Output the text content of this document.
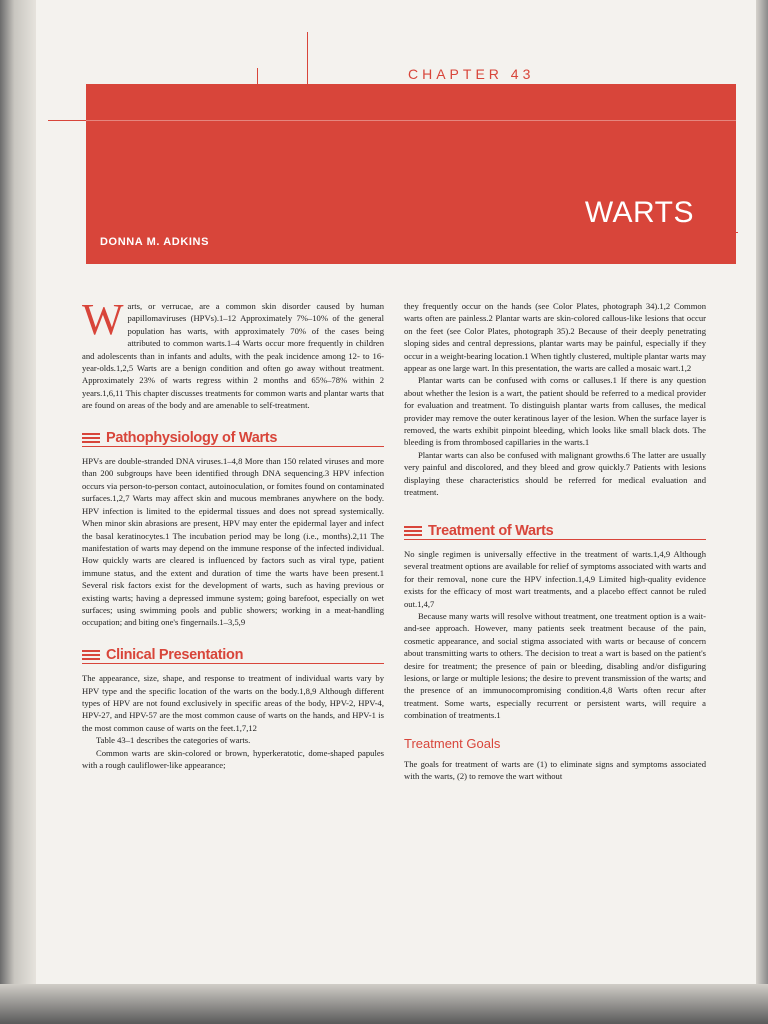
CHAPTER 43
WARTS
DONNA M. ADKINS

Warts, or verrucae, are a common skin disorder caused by human papillomaviruses (HPVs).1–12 Approximately 7%–10% of the general population has warts, with approximately 70% of the cases being attributed to common warts.1–4 Warts occur more frequently in children and adolescents than in infants and adults, with the peak incidence among 12- to 16-year-olds.1,2,5 Warts are a benign condition and often go away without treatment. Approximately 23% of warts regress within 2 months and 65%–78% within 2 years.1,6,11 This chapter discusses treatments for common warts and plantar warts that are found on areas of the body and are amenable to self-treatment.

Pathophysiology of Warts

HPVs are double-stranded DNA viruses.1–4,8 More than 150 related viruses and more than 200 subgroups have been identified through DNA sequencing.3 HPV infection occurs via person-to-person contact, autoinoculation, or fomites found on contaminated surfaces.1,2,7 Warts may affect skin and mucous membranes anywhere on the body. HPV infection is limited to the epidermal tissues and does not spread systemically. When minor skin abrasions are present, HPV may enter the epidermal layer and infect the basal keratinocytes.1 The incubation period may be long (i.e., months).2,11 The manifestation of warts may depend on the immune response of the infected individual. How quickly warts are cleared is influenced by factors such as viral type, patient immune status, and the extent and duration of time the warts have been present.1 Several risk factors exist for the development of warts, such as having previous or existing warts; having a depressed immune system; going barefoot, especially on wet surfaces; using swimming pools and public showers; working in a meat-handling occupation; and biting one's fingernails.1–3,5,9

Clinical Presentation

The appearance, size, shape, and response to treatment of individual warts vary by HPV type and the specific location of the warts on the body.1,8,9 Although different types of HPV are not found exclusively in specific areas of the body, HPV-2, HPV-4, HPV-27, and HPV-57 are the most common cause of warts on the hands, and HPV-1 is the most common cause of warts on the feet.1,7,12

Table 43–1 describes the categories of warts.

Common warts are skin-colored or brown, hyperkeratotic, dome-shaped papules with a rough cauliflower-like appearance;

they frequently occur on the hands (see Color Plates, photograph 34).1,2 Common warts often are painless.2 Plantar warts are skin-colored callous-like lesions that occur on the feet (see Color Plates, photograph 35).2 Because of their deeply penetrating sloping sides and central depressions, plantar warts may be painful, especially if they occur in a weight-bearing location.1 When tightly clustered, multiple plantar warts may appear as one large wart. In this presentation, the warts are called a mosaic wart.1,2

Plantar warts can be confused with corns or calluses.1 If there is any question about whether the lesion is a wart, the patient should be referred to a medical provider for evaluation and treatment. To distinguish plantar warts from calluses, the medical provider may remove the outer keratinous layer of the lesion. When the surface layer is removed, the warts exhibit pinpoint bleeding, which looks like small black dots. The bleeding is from thrombosed capillaries in the warts.1

Plantar warts can also be confused with malignant growths.6 The latter are usually very painful and discolored, and they bleed and grow quickly.7 Patients with lesions displaying these characteristics should be referred for medical evaluation and treatment.

Treatment of Warts

No single regimen is universally effective in the treatment of warts.1,4,9 Although several treatment options are available for relief of symptoms associated with warts and for their removal, none cure the HPV infection.1,4,9 Limited high-quality evidence exists for the efficacy of most wart treatments, and a placebo effect cannot be ruled out.1,4,7

Because many warts will resolve without treatment, one treatment option is a wait-and-see approach. However, many patients seek treatment because of the pain, cosmetic appearance, and social stigma associated with warts or because of concern about transmitting warts to others. The decision to treat a wart is based on the patient's desire for treatment; the presence of pain or bleeding, disabling and/or disfiguring lesions, or large or multiple lesions; the desire to prevent transmission of the warts; and the presence of an immunocompromising condition.4,8 Warts often recur after treatment. Some warts, especially recurrent or persistent warts, will require a combination of treatments.1

Treatment Goals

The goals for treatment of warts are (1) to eliminate signs and symptoms associated with the warts, (2) to remove the wart without
